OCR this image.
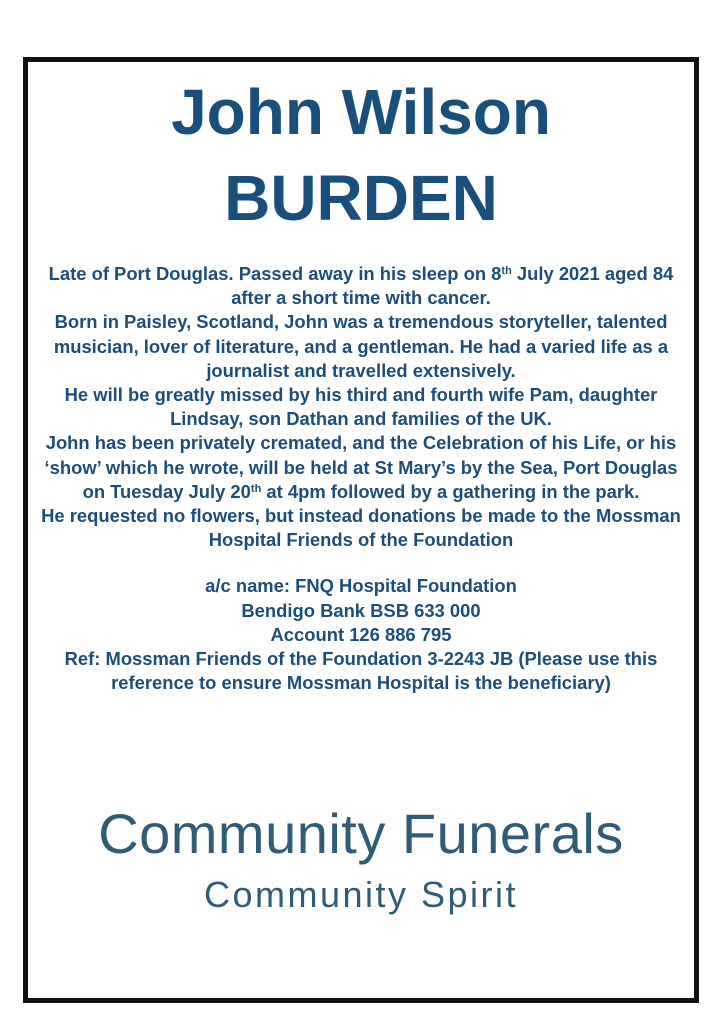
John Wilson
BURDEN

Late of Port Douglas. Passed away in his sleep on 8th July 2021 aged 84 after a short time with cancer.

Born in Paisley, Scotland, John was a tremendous storyteller, talented musician, lover of literature, and a gentleman. He had a varied life as a journalist and travelled extensively.

He will be greatly missed by his third and fourth wife Pam, daughter Lindsay, son Dathan and families of the UK.

John has been privately cremated, and the Celebration of his Life, or his ‘show’ which he wrote, will be held at St Mary’s by the Sea, Port Douglas on Tuesday July 20th at 4pm followed by a gathering in the park.

He requested no flowers, but instead donations be made to the Mossman Hospital Friends of the Foundation

a/c name: FNQ Hospital Foundation

Bendigo Bank BSB 633 000

Account 126 886 795

Ref: Mossman Friends of the Foundation 3-2243 JB (Please use this reference to ensure Mossman Hospital is the beneficiary)

Community Funerals
Community Spirit
